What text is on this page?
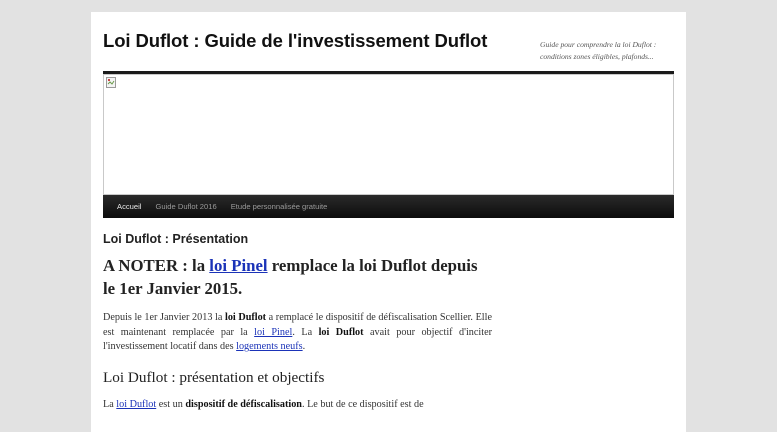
Loi Duflot : Guide de l'investissement Duflot	Guide pour comprendre la loi Duflot : conditions zones éligibles, plafonds...

Accueil	Guide Duflot 2016	Etude personnalisée gratuite
Loi Duflot : Présentation

A NOTER : la loi Pinel remplace la loi Duflot depuis le 1er Janvier 2015.

Depuis le 1er Janvier 2013 la loi Duflot a remplacé le dispositif de défiscalisation Scellier. Elle est maintenant remplacée par la loi Pinel. La loi Duflot avait pour objectif d'inciter l'investissement locatif dans des logements neufs.

Loi Duflot : présentation et objectifs

La loi Duflot est un dispositif de défiscalisation. Le but de ce dispositif est de
